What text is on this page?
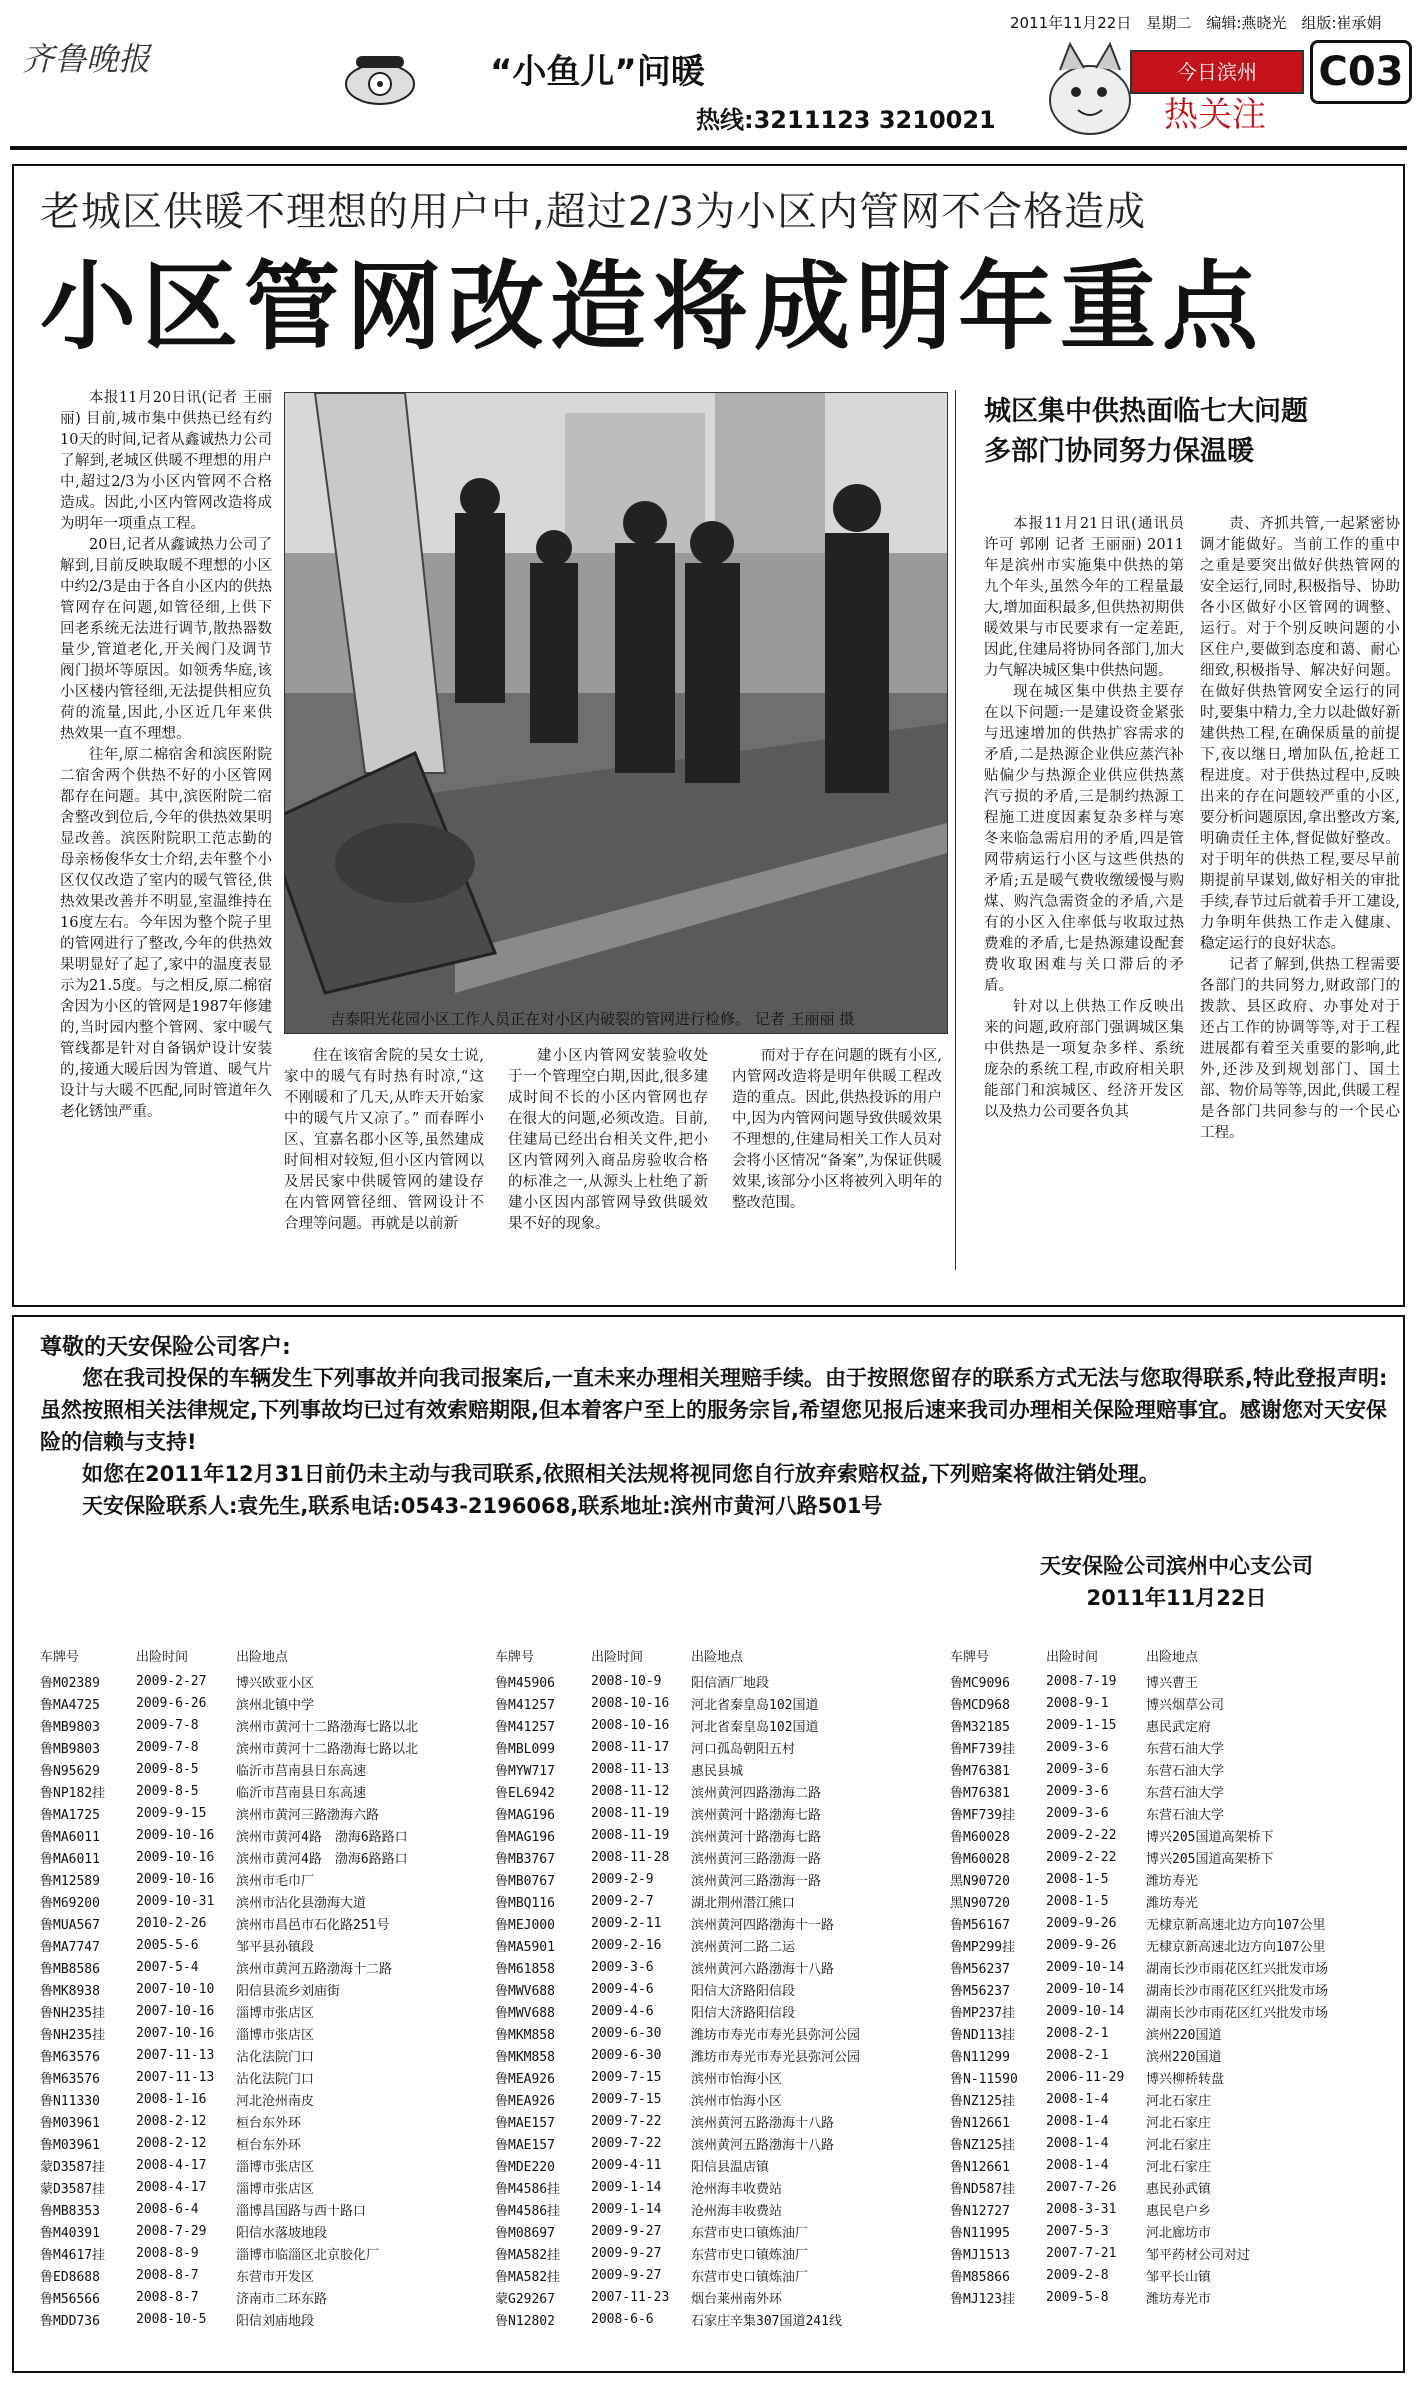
2011年11月22日　星期二　编辑:燕晓光　组版:崔承娟
齐鲁晚报	“小鱼儿”问暖
热线:3211123 3210021
今日滨州
热关注
C03
老城区供暖不理想的用户中,超过2/3为小区内管网不合格造成
小区管网改造将成明年重点

本报11月20日讯(记者 王丽丽) 目前,城市集中供热已经有约10天的时间,记者从鑫诚热力公司了解到,老城区供暖不理想的用户中,超过2/3为小区内管网不合格造成。因此,小区内管网改造将成为明年一项重点工程。

20日,记者从鑫诚热力公司了解到,目前反映取暖不理想的小区中约2/3是由于各自小区内的供热管网存在问题,如管径细,上供下回老系统无法进行调节,散热器数量少,管道老化,开关阀门及调节阀门损坏等原因。如领秀华庭,该小区楼内管径细,无法提供相应负荷的流量,因此,小区近几年来供热效果一直不理想。

往年,原二棉宿舍和滨医附院二宿舍两个供热不好的小区管网都存在问题。其中,滨医附院二宿舍整改到位后,今年的供热效果明显改善。滨医附院职工范志勤的母亲杨俊华女士介绍,去年整个小区仅仅改造了室内的暖气管径,供热效果改善并不明显,室温维持在16度左右。今年因为整个院子里的管网进行了整改,今年的供热效果明显好了起了,家中的温度表显示为21.5度。与之相反,原二棉宿舍因为小区的管网是1987年修建的,当时园内整个管网、家中暖气管线都是针对自备锅炉设计安装的,接通大暖后因为管道、暖气片设计与大暖不匹配,同时管道年久老化锈蚀严重。

吉泰阳光花园小区工作人员正在对小区内破裂的管网进行检修。 记者 王丽丽 摄

住在该宿舍院的吴女士说,家中的暖气有时热有时凉,“这不刚暖和了几天,从昨天开始家中的暖气片又凉了。” 而春晖小区、宜嘉名郡小区等,虽然建成时间相对较短,但小区内管网以及居民家中供暖管网的建设存在内管网管径细、管网设计不合理等问题。再就是以前新

建小区内管网安装验收处于一个管理空白期,因此,很多建成时间不长的小区内管网也存在很大的问题,必须改造。目前,住建局已经出台相关文件,把小区内管网列入商品房验收合格的标准之一,从源头上杜绝了新建小区因内部管网导致供暖效果不好的现象。

而对于存在问题的既有小区,内管网改造将是明年供暖工程改造的重点。因此,供热投诉的用户中,因为内管网问题导致供暖效果不理想的,住建局相关工作人员对会将小区情况“备案”,为保证供暖效果,该部分小区将被列入明年的整改范围。

城区集中供热面临七大问题
多部门协同努力保温暖

本报11月21日讯(通讯员 许可 郭刚 记者 王丽丽) 2011年是滨州市实施集中供热的第九个年头,虽然今年的工程量最大,增加面积最多,但供热初期供暖效果与市民要求有一定差距,因此,住建局将协同各部门,加大力气解决城区集中供热问题。

现在城区集中供热主要存在以下问题:一是建设资金紧张与迅速增加的供热扩容需求的矛盾,二是热源企业供应蒸汽补贴偏少与热源企业供应供热蒸汽亏损的矛盾,三是制约热源工程施工进度因素复杂多样与寒冬来临急需启用的矛盾,四是管网带病运行小区与这些供热的矛盾;五是暖气费收缴缓慢与购煤、购汽急需资金的矛盾,六是有的小区入住率低与收取过热费难的矛盾,七是热源建设配套费收取困难与关口滞后的矛盾。

针对以上供热工作反映出来的问题,政府部门强调城区集中供热是一项复杂多样、系统庞杂的系统工程,市政府相关职能部门和滨城区、经济开发区以及热力公司要各负其

责、齐抓共管,一起紧密协调才能做好。当前工作的重中之重是要突出做好供热管网的安全运行,同时,积极指导、协助各小区做好小区管网的调整、运行。对于个别反映问题的小区住户,要做到态度和蔼、耐心细致,积极指导、解决好问题。在做好供热管网安全运行的同时,要集中精力,全力以赴做好新建供热工程,在确保质量的前提下,夜以继日,增加队伍,抢赶工程进度。对于供热过程中,反映出来的存在问题较严重的小区,要分析问题原因,拿出整改方案,明确责任主体,督促做好整改。对于明年的供热工程,要尽早前期提前早谋划,做好相关的审批手续,春节过后就着手开工建设,力争明年供热工作走入健康、稳定运行的良好状态。

记者了解到,供热工程需要各部门的共同努力,财政部门的拨款、县区政府、办事处对于还占工作的协调等等,对于工程进展都有着至关重要的影响,此外,还涉及到规划部门、国土部、物价局等等,因此,供暖工程是各部门共同参与的一个民心工程。

尊敬的天安保险公司客户:

您在我司投保的车辆发生下列事故并向我司报案后,一直未来办理相关理赔手续。由于按照您留存的联系方式无法与您取得联系,特此登报声明:虽然按照相关法律规定,下列事故均已过有效索赔期限,但本着客户至上的服务宗旨,希望您见报后速来我司办理相关保险理赔事宜。感谢您对天安保险的信赖与支持!

如您在2011年12月31日前仍未主动与我司联系,依照相关法规将视同您自行放弃索赔权益,下列赔案将做注销处理。

天安保险联系人:袁先生,联系电话:0543-2196068,联系地址:滨州市黄河八路501号

天安保险公司滨州中心支公司
2011年11月22日
车牌号	出险时间	出险地点
鲁M02389	2009-2-27	博兴欧亚小区
鲁MA4725	2009-6-26	滨州北镇中学
鲁MB9803	2009-7-8	滨州市黄河十二路渤海七路以北
鲁MB9803	2009-7-8	滨州市黄河十二路渤海七路以北
鲁N95629	2009-8-5	临沂市莒南县日东高速
鲁NP182挂	2009-8-5	临沂市莒南县日东高速
鲁MA1725	2009-9-15	滨州市黄河三路渤海六路
鲁MA6011	2009-10-16	滨州市黄河4路　渤海6路路口
鲁MA6011	2009-10-16	滨州市黄河4路　渤海6路路口
鲁M12589	2009-10-16	滨州市毛巾厂
鲁M69200	2009-10-31	滨州市沾化县渤海大道
鲁MUA567	2010-2-26	滨州市昌邑市石化路251号
鲁MA7747	2005-5-6	邹平县孙镇段
鲁MB8586	2007-5-4	滨州市黄河五路渤海十二路
鲁MK8938	2007-10-10	阳信县流乡刘庙街
鲁NH235挂	2007-10-16	淄博市张店区
鲁NH235挂	2007-10-16	淄博市张店区
鲁M63576	2007-11-13	沾化法院门口
鲁M63576	2007-11-13	沾化法院门口
鲁N11330	2008-1-16	河北沧州南皮
鲁M03961	2008-2-12	桓台东外环
鲁M03961	2008-2-12	桓台东外环
蒙D3587挂	2008-4-17	淄博市张店区
蒙D3587挂	2008-4-17	淄博市张店区
鲁MB8353	2008-6-4	淄博昌国路与西十路口
鲁M40391	2008-7-29	阳信水落坡地段
鲁M4617挂	2008-8-9	淄博市临淄区北京胶化厂
鲁ED8688	2008-8-7	东营市开发区
鲁M56566	2008-8-7	济南市二环东路
鲁MDD736	2008-10-5	阳信刘庙地段
车牌号	出险时间	出险地点
鲁M45906	2008-10-9	阳信酒厂地段
鲁M41257	2008-10-16	河北省秦皇岛102国道
鲁M41257	2008-10-16	河北省秦皇岛102国道
鲁MBL099	2008-11-17	河口孤岛朝阳五村
鲁MYW717	2008-11-13	惠民县城
鲁EL6942	2008-11-12	滨州黄河四路渤海二路
鲁MAG196	2008-11-19	滨州黄河十路渤海七路
鲁MAG196	2008-11-19	滨州黄河十路渤海七路
鲁MB3767	2008-11-28	滨州黄河三路渤海一路
鲁MB0767	2009-2-9	滨州黄河三路渤海一路
鲁MBQ116	2009-2-7	湖北荆州潜江熊口
鲁MEJ000	2009-2-11	滨州黄河四路渤海十一路
鲁MA5901	2009-2-16	滨州黄河二路二运
鲁M61858	2009-3-6	滨州黄河六路渤海十八路
鲁MWV688	2009-4-6	阳信大济路阳信段
鲁MWV688	2009-4-6	阳信大济路阳信段
鲁MKM858	2009-6-30	潍坊市寿光市寿光县弥河公园
鲁MKM858	2009-6-30	潍坊市寿光市寿光县弥河公园
鲁MEA926	2009-7-15	滨州市怡海小区
鲁MEA926	2009-7-15	滨州市怡海小区
鲁MAE157	2009-7-22	滨州黄河五路渤海十八路
鲁MAE157	2009-7-22	滨州黄河五路渤海十八路
鲁MDE220	2009-4-11	阳信县温店镇
鲁M4586挂	2009-1-14	沧州海丰收费站
鲁M4586挂	2009-1-14	沧州海丰收费站
鲁M08697	2009-9-27	东营市史口镇炼油厂
鲁MA582挂	2009-9-27	东营市史口镇炼油厂
鲁MA582挂	2009-9-27	东营市史口镇炼油厂
蒙G29267	2007-11-23	烟台莱州南外环
鲁N12802	2008-6-6	石家庄辛集307国道241线
车牌号	出险时间	出险地点
鲁MC9096	2008-7-19	博兴曹王
鲁MCD968	2008-9-1	博兴烟草公司
鲁M32185	2009-1-15	惠民武定府
鲁MF739挂	2009-3-6	东营石油大学
鲁M76381	2009-3-6	东营石油大学
鲁M76381	2009-3-6	东营石油大学
鲁MF739挂	2009-3-6	东营石油大学
鲁M60028	2009-2-22	博兴205国道高架桥下
鲁M60028	2009-2-22	博兴205国道高架桥下
黑N90720	2008-1-5	潍坊寿光
黑N90720	2008-1-5	潍坊寿光
鲁M56167	2009-9-26	无棣京新高速北边方向107公里
鲁MP299挂	2009-9-26	无棣京新高速北边方向107公里
鲁M56237	2009-10-14	湖南长沙市雨花区红兴批发市场
鲁M56237	2009-10-14	湖南长沙市雨花区红兴批发市场
鲁MP237挂	2009-10-14	湖南长沙市雨花区红兴批发市场
鲁ND113挂	2008-2-1	滨州220国道
鲁N11299	2008-2-1	滨州220国道
鲁N-11590	2006-11-29	博兴柳桥转盘
鲁NZ125挂	2008-1-4	河北石家庄
鲁N12661	2008-1-4	河北石家庄
鲁NZ125挂	2008-1-4	河北石家庄
鲁N12661	2008-1-4	河北石家庄
鲁ND587挂	2007-7-26	惠民孙武镇
鲁N12727	2008-3-31	惠民皂户乡
鲁N11995	2007-5-3	河北廊坊市
鲁MJ1513	2007-7-21	邹平药材公司对过
鲁M85866	2009-2-8	邹平长山镇
鲁MJ123挂	2009-5-8	潍坊寿光市
